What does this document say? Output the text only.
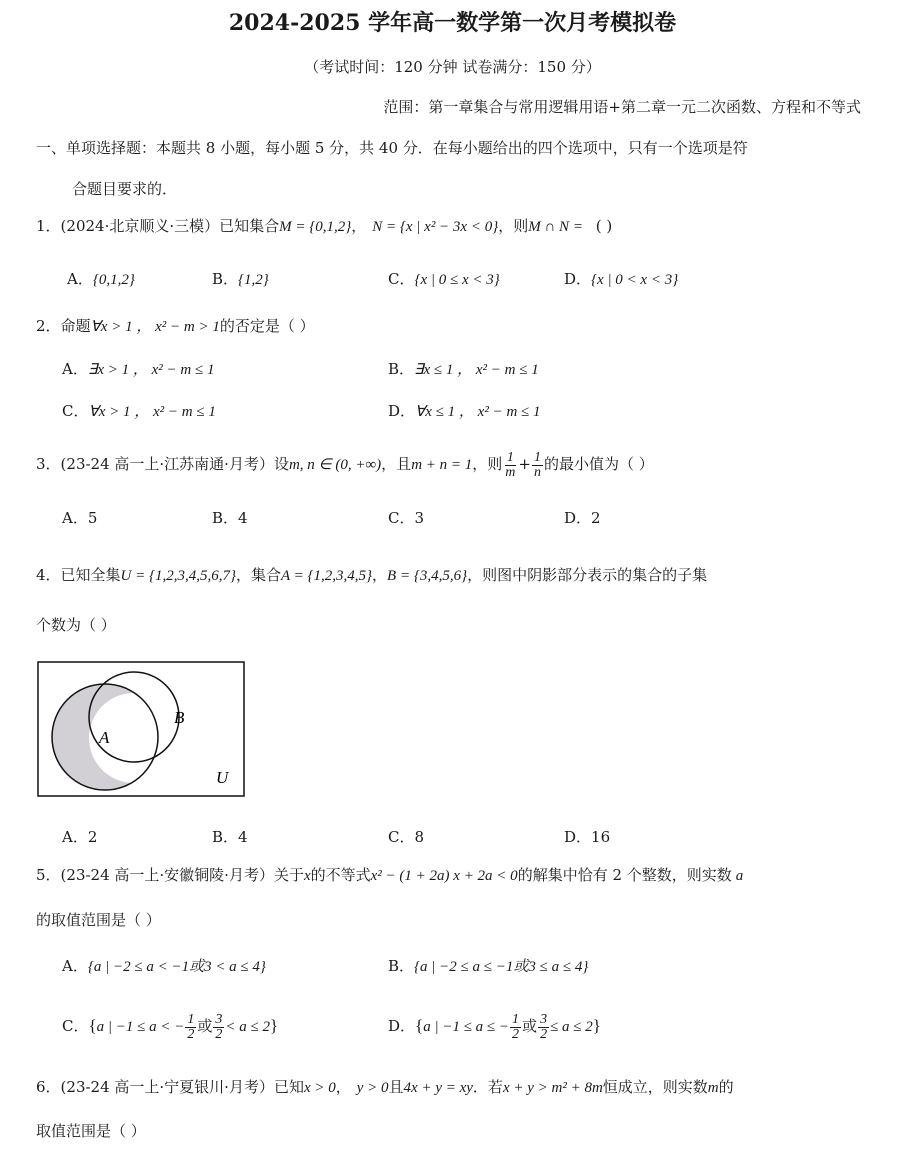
2024-2025 学年高一数学第一次月考模拟卷
（考试时间：120 分钟 试卷满分：150 分）
范围：第一章集合与常用逻辑用语+第二章一元二次函数、方程和不等式
一、单项选择题：本题共 8 小题，每小题 5 分，共 40 分．在每小题给出的四个选项中，只有一个选项是符
合题目要求的．
1．(2024·北京顺义·三模）已知集合M = {0,1,2}， N = {x | x² − 3x < 0}，则M ∩ N = ( )
A．{0,1,2}	B．{1,2}	C．{x | 0 ≤ x < 3}	D．{x | 0 < x < 3}
2．命题∀x > 1 ， x² − m > 1的否定是（ ）
A．∃x > 1 ， x² − m ≤ 1	B．∃x ≤ 1 ， x² − m ≤ 1
C．∀x > 1 ， x² − m ≤ 1	D．∀x ≤ 1 ， x² − m ≤ 1
3．(23-24 高一上·江苏南通·月考）设m, n ∈ (0, +∞)，且m + n = 1，则 $\frac{1}{m} + \frac{1}{n}$ 的最小值为（ ）
A．5	B．4	C．3	D．2
4．已知全集U = {1,2,3,4,5,6,7}，集合A = {1,2,3,4,5}，B = {3,4,5,6}，则图中阴影部分表示的集合的子集
个数为（ ）
A
B
U
A．2	B．4	C．8	D．16
5．(23-24 高一上·安徽铜陵·月考）关于x的不等式x² − (1 + 2a) x + 2a < 0的解集中恰有 2 个整数，则实数 a
的取值范围是（ ）
A．{a | −2 ≤ a < −1或3 < a ≤ 4}	B．{a | −2 ≤ a ≤ −1或3 ≤ a ≤ 4}
C．{a | −1 ≤ a < − $\frac{1}{2}$ 或 $\frac{3}{2} < a \le 2$}	D．{a | −1 ≤ a ≤ − $\frac{1}{2}$ 或 $\frac{3}{2} \le a \le 2$}
6．(23-24 高一上·宁夏银川·月考）已知x > 0， y > 0且4x + y = xy．若x + y > m² + 8m恒成立，则实数m的
取值范围是（ ）
